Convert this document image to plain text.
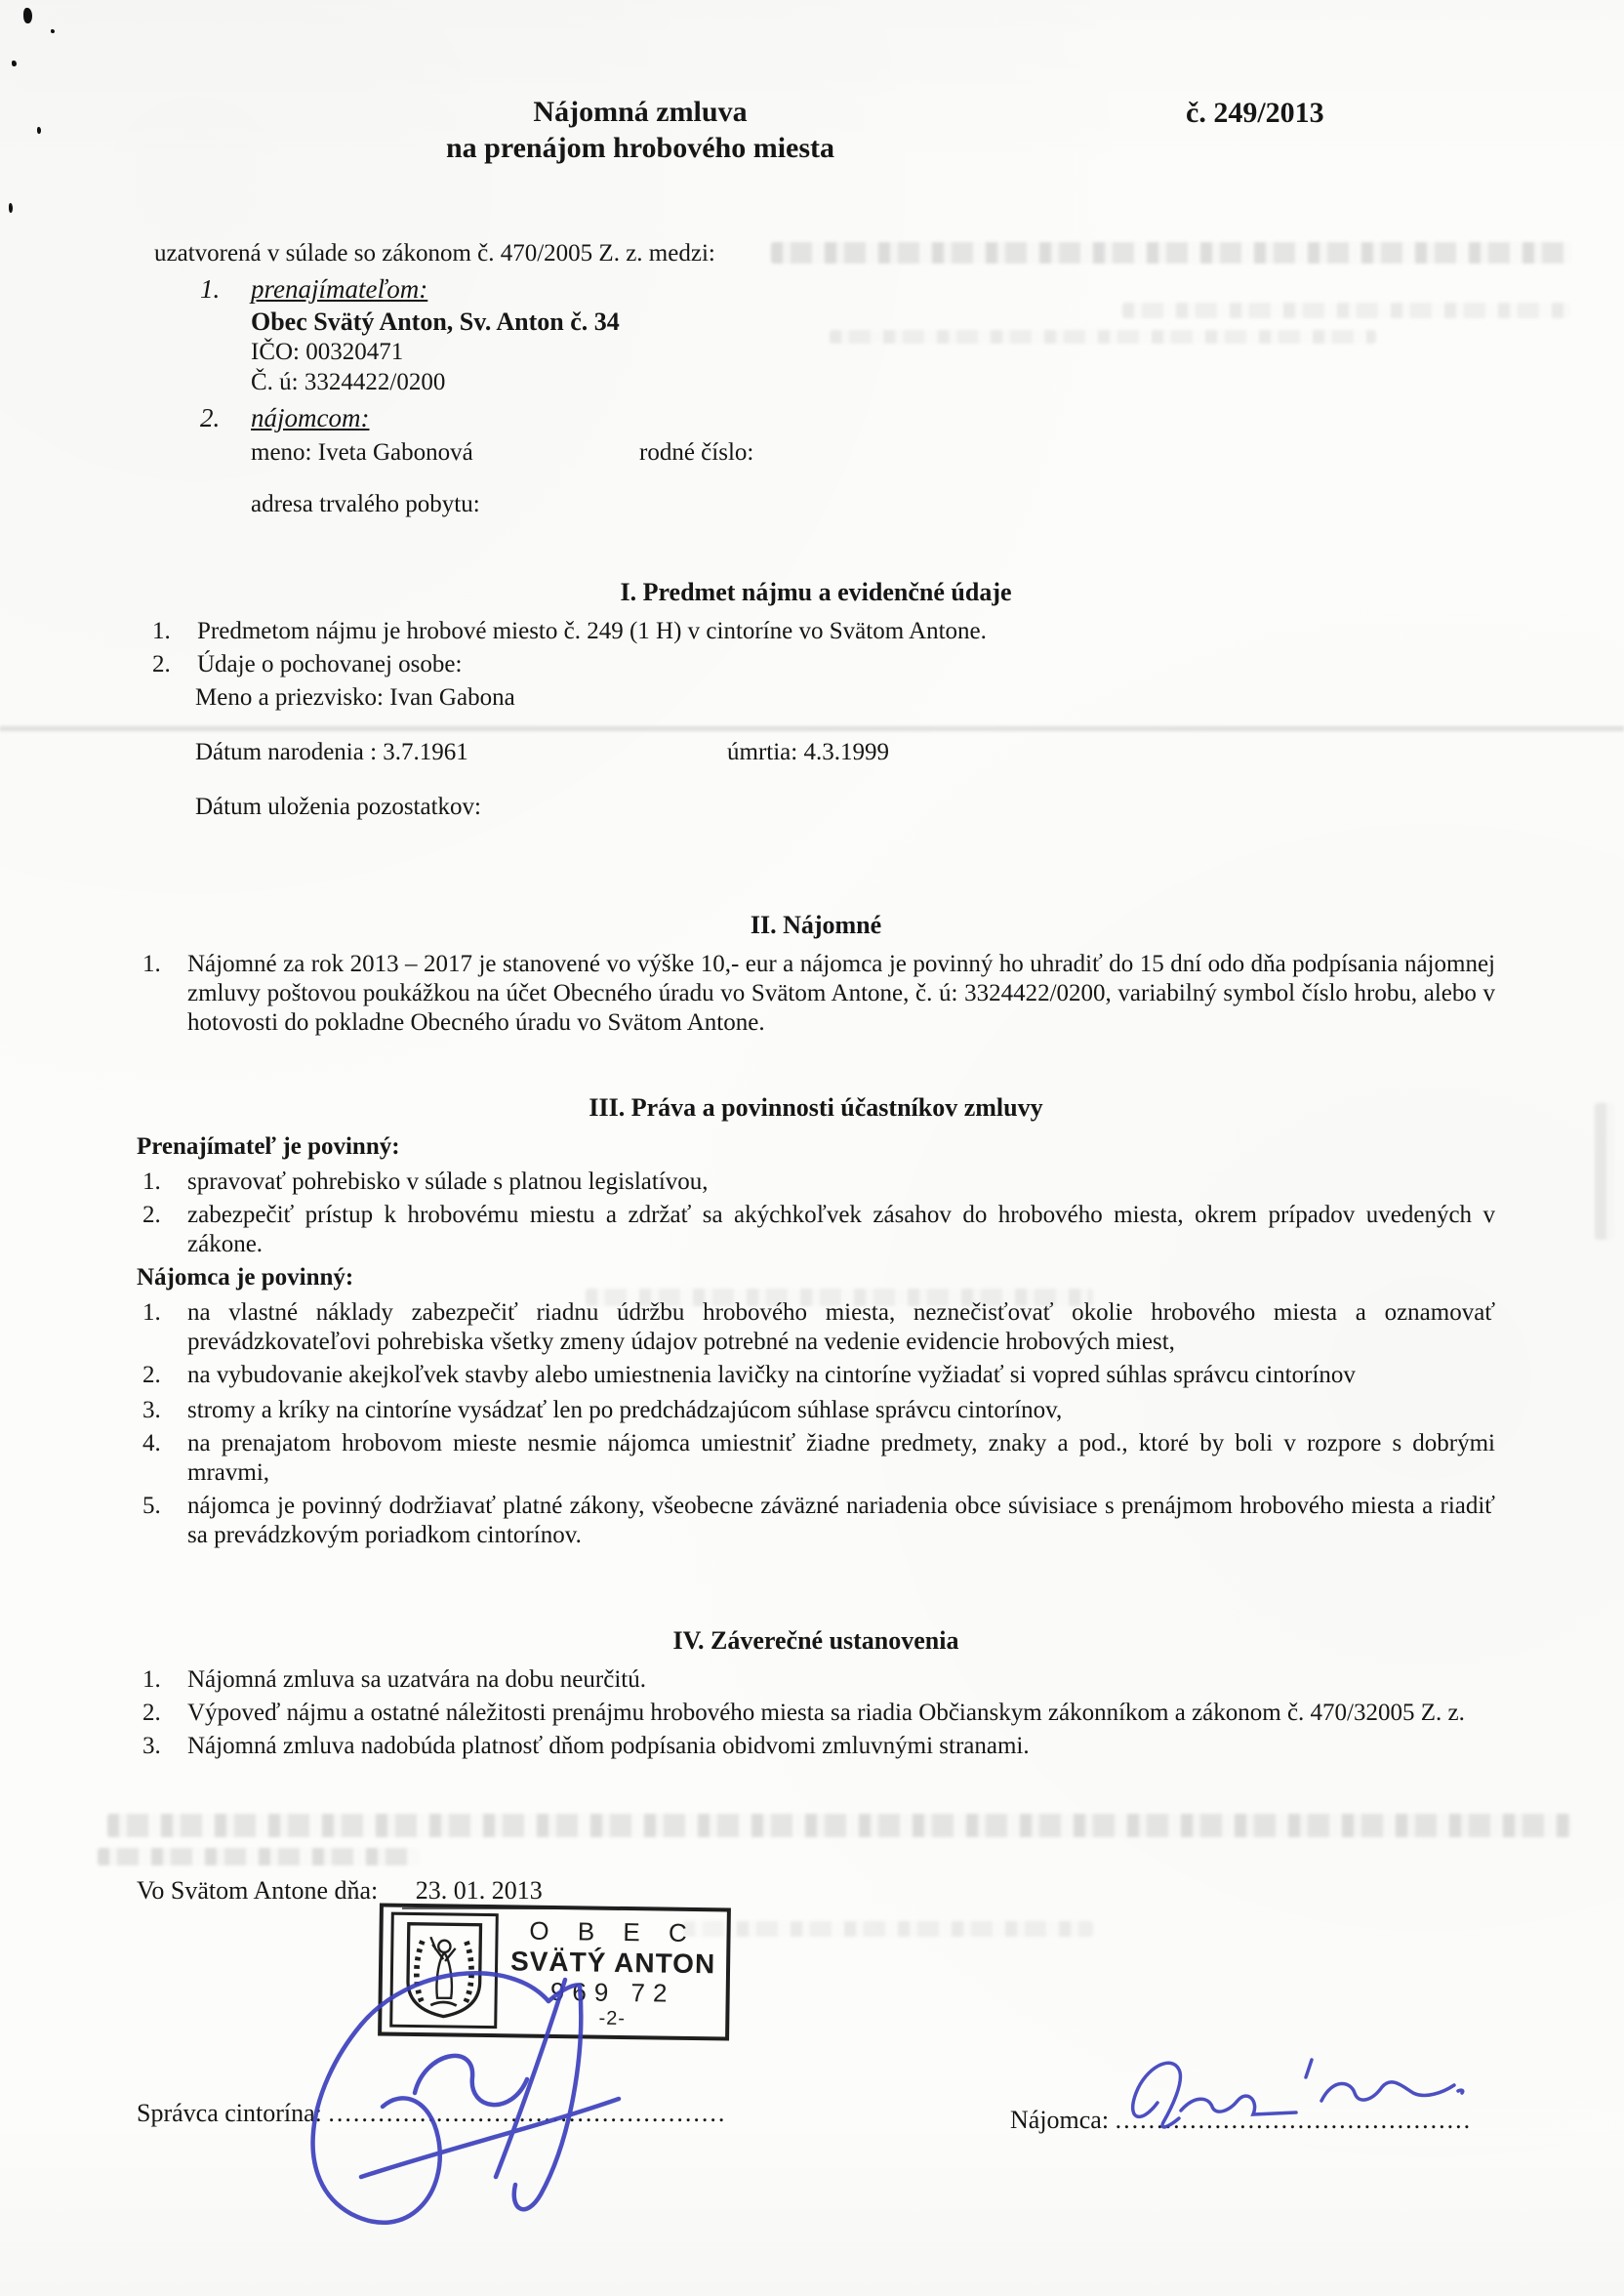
Nájomná zmluva
na prenájom hrobového miesta
č. 249/2013
uzatvorená v súlade so zákonom č. 470/2005 Z. z. medzi:
1.	prenajímateľom:
Obec Svätý Anton, Sv. Anton č. 34
IČO: 00320471
Č. ú: 3324422/0200
2.	nájomcom:
meno: Iveta Gabonová	rodné číslo:
adresa trvalého pobytu:
I. Predmet nájmu a evidenčné údaje
1.	Predmetom nájmu je hrobové miesto č. 249 (1 H) v cintoríne vo Svätom Antone.
2.	Údaje o pochovanej osobe:
Meno a priezvisko: Ivan Gabona
Dátum narodenia : 3.7.1961	úmrtia: 4.3.1999
Dátum uloženia pozostatkov:
II. Nájomné
1.	Nájomné za rok 2013 – 2017 je stanovené vo výške 10,- eur a nájomca je povinný ho uhradiť do 15 dní odo dňa podpísania nájomnej zmluvy poštovou poukážkou na účet Obecného úradu vo Svätom Antone, č. ú: 3324422/0200, variabilný symbol číslo hrobu, alebo v hotovosti do pokladne Obecného úradu vo Svätom Antone.
III. Práva a povinnosti účastníkov zmluvy
Prenajímateľ je povinný:
1.	spravovať pohrebisko v súlade s platnou legislatívou,
2.	zabezpečiť prístup k hrobovému miestu a zdržať sa akýchkoľvek zásahov do hrobového miesta, okrem prípadov uvedených v zákone.
Nájomca je povinný:
1.	na vlastné náklady zabezpečiť riadnu údržbu hrobového miesta, neznečisťovať okolie hrobového miesta a oznamovať prevádzkovateľovi pohrebiska všetky zmeny údajov potrebné na vedenie evidencie hrobových miest,
2.	na vybudovanie akejkoľvek stavby alebo umiestnenia lavičky na cintoríne vyžiadať si vopred súhlas správcu cintorínov
3.	stromy a kríky na cintoríne vysádzať len po predchádzajúcom súhlase správcu cintorínov,
4.	na prenajatom hrobovom mieste nesmie nájomca umiestniť žiadne predmety, znaky a pod., ktoré by boli v rozpore s dobrými mravmi,
5.	nájomca je povinný dodržiavať platné zákony, všeobecne záväzné nariadenia obce súvisiace s prenájmom hrobového miesta a riadiť sa prevádzkovým poriadkom cintorínov.
IV. Záverečné ustanovenia
1.	Nájomná zmluva sa uzatvára na dobu neurčitú.
2.	Výpoveď nájmu a ostatné náležitosti prenájmu hrobového miesta sa riadia Občianskym zákonníkom a zákonom č. 470/32005 Z. z.
3.	Nájomná zmluva nadobúda platnosť dňom podpísania obidvomi zmluvnými stranami.
Vo Svätom Antone dňa: 23. 01. 2013
O B E C
SVÄTÝ ANTON
969 72
-2-
Správca cintorína: ................................................	Nájomca: ...........................................
